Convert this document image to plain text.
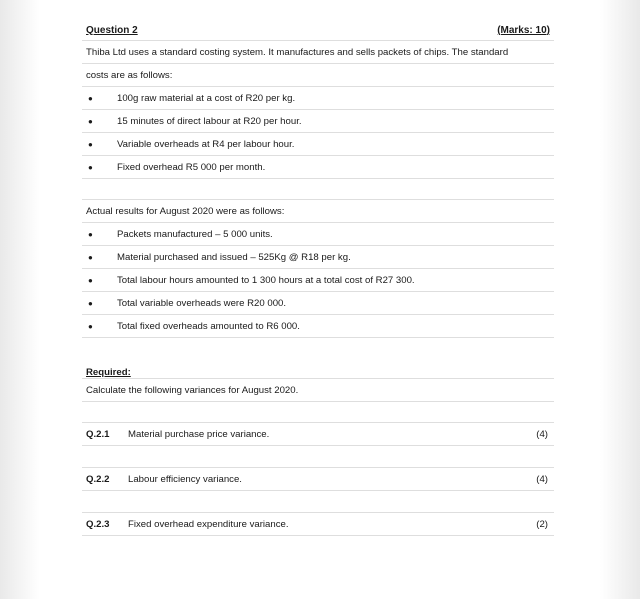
Question 2	(Marks: 10)
Thiba Ltd uses a standard costing system. It manufactures and sells packets of chips. The standard
costs are as follows:
●	100g raw material at a cost of R20 per kg.
●	15 minutes of direct labour at R20 per hour.
●	Variable overheads at R4 per labour hour.
●	Fixed overhead R5 000 per month.
Actual results for August 2020 were as follows:
●	Packets manufactured – 5 000 units.
●	Material purchased and issued – 525Kg @ R18 per kg.
●	Total labour hours amounted to 1 300 hours at a total cost of R27 300.
●	Total variable overheads were R20 000.
●	Total fixed overheads amounted to R6 000.
Required:
Calculate the following variances for August 2020.
Q.2.1 Material purchase price variance.	(4)
Q.2.2 Labour efficiency variance.	(4)
Q.2.3 Fixed overhead expenditure variance.	(2)
